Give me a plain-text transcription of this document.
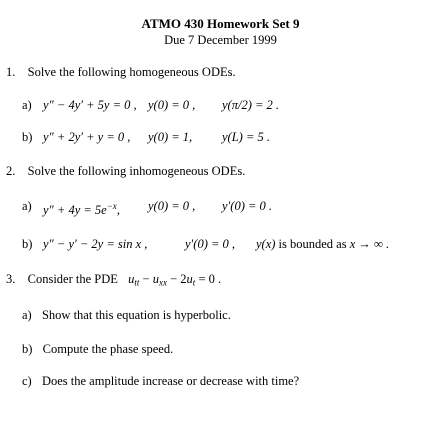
ATMO 430 Homework Set 9
Due 7 December 1999
1. Solve the following homogeneous ODEs.
a) y″ − 4y′ + 5y = 0 , y(0) = 0 , y(π/2) = 2 .
b) y″ + 2y′ + y = 0 , y(0) = 1, y(L) = 5 .
2. Solve the following inhomogeneous ODEs.
a) $y'' + 4y = 5e^{-x}$, y(0) = 0 , y′(0) = 0 .
b) y″ − y′ − 2y = sin x ,	y′(0) = 0 , y(x) is bounded as x → ∞ .
3. Consider the PDE $u_{tt} - u_{xx} - 2u_t = 0$ .
a) Show that this equation is hyperbolic.
b) Compute the phase speed.
c) Does the amplitude increase or decrease with time?
